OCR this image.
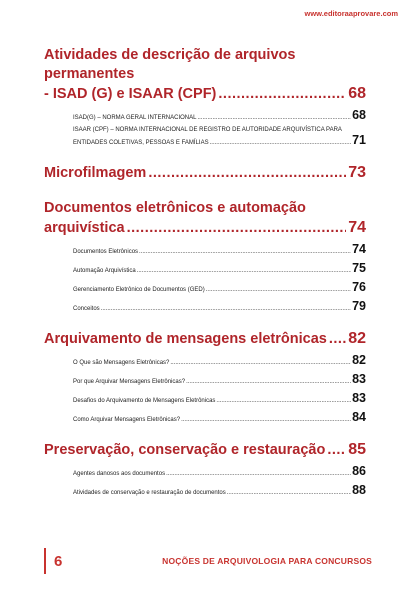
www.editoraaprovare.com
Atividades de descrição de arquivos permanentes
- ISAD (G) e ISAAR (CPF) .....	68
ISAD(G) – NORMA GERAL INTERNACIONAL .....	68
ISAAR (CPF) – NORMA INTERNACIONAL DE REGISTRO DE AUTORIDADE ARQUIVÍSTICA PARA
ENTIDADES COLETIVAS, PESSOAS E FAMÍLIAS .....	71
Microfilmagem .....	73
Documentos eletrônicos e automação
arquivística .....	74
Documentos Eletrônicos .....	74
Automação Arquivística .....	75
Gerenciamento Eletrônico de Documentos (GED) .....	76
Conceitos .....	79
Arquivamento de mensagens eletrônicas ..... 82
O Que são Mensagens Eletrônicas? .....	82
Por que Arquivar Mensagens Eletrônicas? .....	83
Desafios do Arquivamento de Mensagens Eletrônicas .....	83
Como Arquivar Mensagens Eletrônicas? .....	84
Preservação, conservação e restauração ..... 85
Agentes danosos aos documentos .....	86
Atividades de conservação e restauração de documentos .....	88
6	NOÇÕES DE ARQUIVOLOGIA PARA CONCURSOS
